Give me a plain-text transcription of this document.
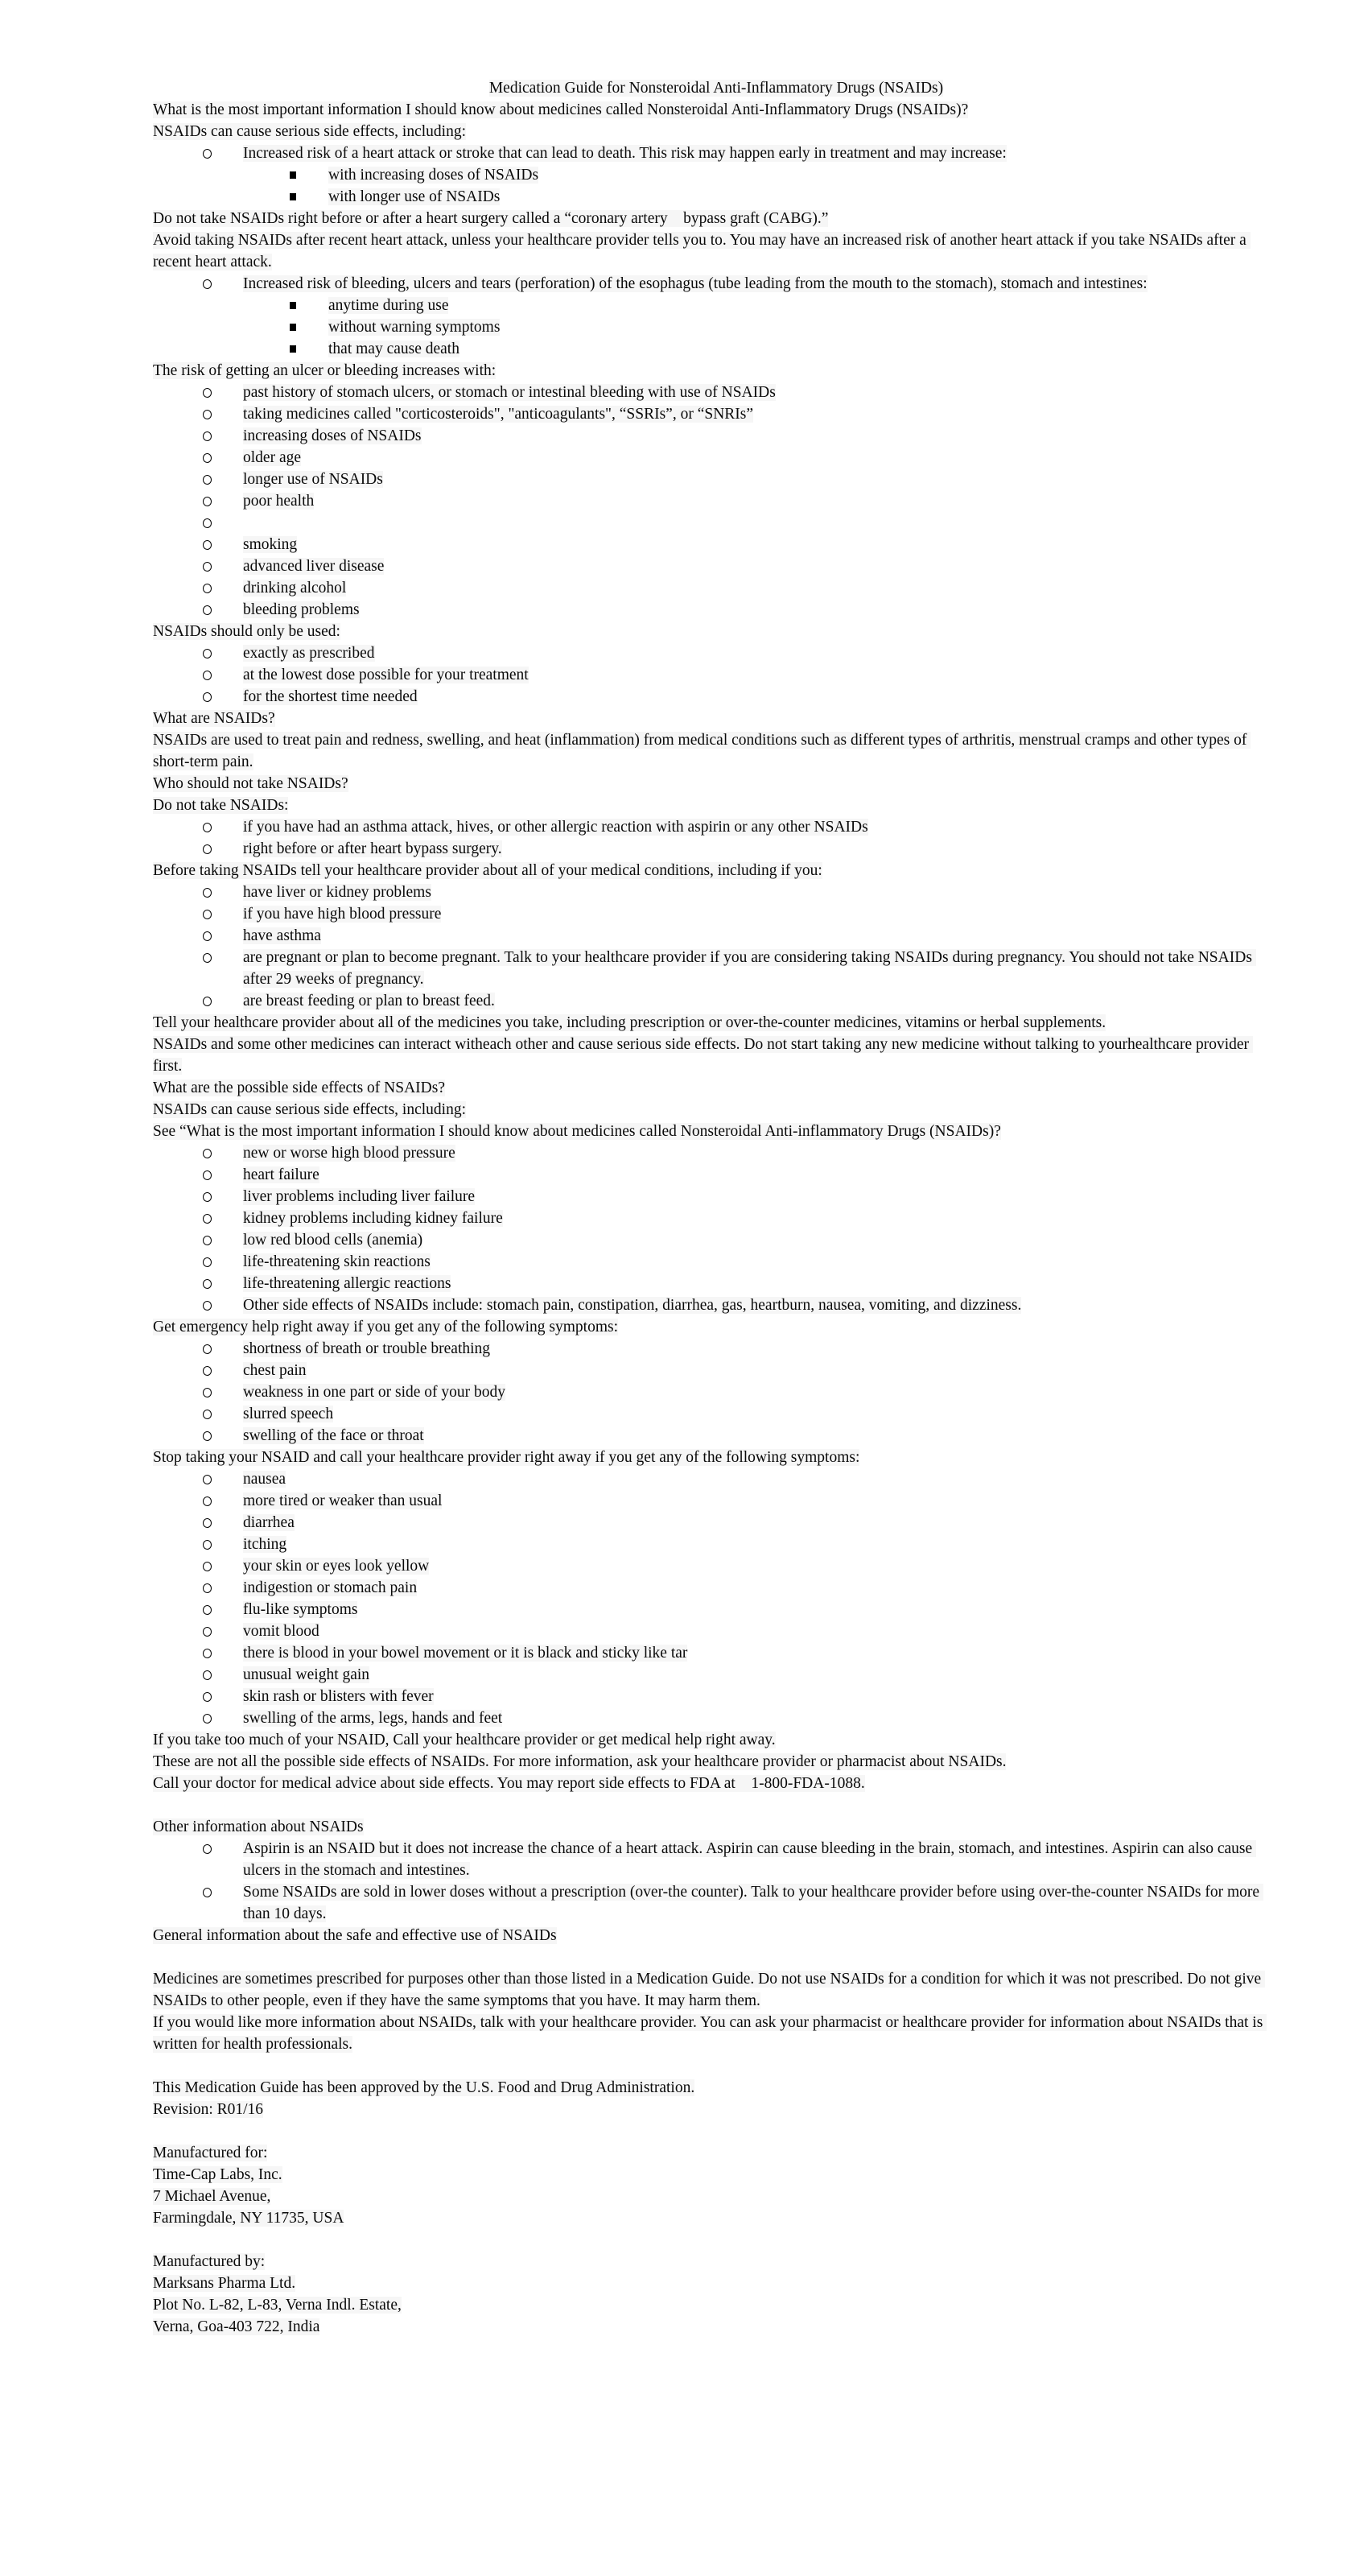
Medication Guide for Nonsteroidal Anti-Inflammatory Drugs (NSAIDs)
What is the most important information I should know about medicines called Nonsteroidal Anti-Inflammatory Drugs (NSAIDs)?
NSAIDs can cause serious side effects, including:
Increased risk of a heart attack or stroke that can lead to death. This risk may happen early in treatment and may increase:
with increasing doses of NSAIDs
with longer use of NSAIDs
Do not take NSAIDs right before or after a heart surgery called a “coronary artery    bypass graft (CABG).”
Avoid taking NSAIDs after recent heart attack, unless your healthcare provider tells you to. You may have an increased risk of another heart attack if you take NSAIDs after a recent heart attack.
Increased risk of bleeding, ulcers and tears (perforation) of the esophagus (tube leading from the mouth to the stomach), stomach and intestines:
anytime during use
without warning symptoms
that may cause death
The risk of getting an ulcer or bleeding increases with:
past history of stomach ulcers, or stomach or intestinal bleeding with use of NSAIDs
taking medicines called "corticosteroids", "anticoagulants", “SSRIs”, or “SNRIs”
increasing doses of NSAIDs
older age
longer use of NSAIDs
poor health
smoking
advanced liver disease
drinking alcohol
bleeding problems
NSAIDs should only be used:
exactly as prescribed
at the lowest dose possible for your treatment
for the shortest time needed
What are NSAIDs?
NSAIDs are used to treat pain and redness, swelling, and heat (inflammation) from medical conditions such as different types of arthritis, menstrual cramps and other types of short-term pain.
Who should not take NSAIDs?
Do not take NSAIDs:
if you have had an asthma attack, hives, or other allergic reaction with aspirin or any other NSAIDs
right before or after heart bypass surgery.
Before taking NSAIDs tell your healthcare provider about all of your medical conditions, including if you:
have liver or kidney problems
if you have high blood pressure
have asthma
are pregnant or plan to become pregnant. Talk to your healthcare provider if you are considering taking NSAIDs during pregnancy. You should not take NSAIDs after 29 weeks of pregnancy.
are breast feeding or plan to breast feed.
Tell your healthcare provider about all of the medicines you take, including prescription or over-the-counter medicines, vitamins or herbal supplements.
NSAIDs and some other medicines can interact witheach other and cause serious side effects. Do not start taking any new medicine without talking to yourhealthcare provider first.
What are the possible side effects of NSAIDs?
NSAIDs can cause serious side effects, including:
See “What is the most important information I should know about medicines called Nonsteroidal Anti-inflammatory Drugs (NSAIDs)?
new or worse high blood pressure
heart failure
liver problems including liver failure
kidney problems including kidney failure
low red blood cells (anemia)
life-threatening skin reactions
life-threatening allergic reactions
Other side effects of NSAIDs include: stomach pain, constipation, diarrhea, gas, heartburn, nausea, vomiting, and dizziness.
Get emergency help right away if you get any of the following symptoms:
shortness of breath or trouble breathing
chest pain
weakness in one part or side of your body
slurred speech
swelling of the face or throat
Stop taking your NSAID and call your healthcare provider right away if you get any of the following symptoms:
nausea
more tired or weaker than usual
diarrhea
itching
your skin or eyes look yellow
indigestion or stomach pain
flu-like symptoms
vomit blood
there is blood in your bowel movement or it is black and sticky like tar
unusual weight gain
skin rash or blisters with fever
swelling of the arms, legs, hands and feet
If you take too much of your NSAID, Call your healthcare provider or get medical help right away.
These are not all the possible side effects of NSAIDs. For more information, ask your healthcare provider or pharmacist about NSAIDs.
Call your doctor for medical advice about side effects. You may report side effects to FDA at    1-800-FDA-1088.
Other information about NSAIDs
Aspirin is an NSAID but it does not increase the chance of a heart attack. Aspirin can cause bleeding in the brain, stomach, and intestines. Aspirin can also cause ulcers in the stomach and intestines.
Some NSAIDs are sold in lower doses without a prescription (over-the counter). Talk to your healthcare provider before using over-the-counter NSAIDs for more than 10 days.
General information about the safe and effective use of NSAIDs
Medicines are sometimes prescribed for purposes other than those listed in a Medication Guide. Do not use NSAIDs for a condition for which it was not prescribed. Do not give NSAIDs to other people, even if they have the same symptoms that you have. It may harm them.
If you would like more information about NSAIDs, talk with your healthcare provider. You can ask your pharmacist or healthcare provider for information about NSAIDs that is written for health professionals.
This Medication Guide has been approved by the U.S. Food and Drug Administration.
Revision: R01/16
Manufactured for:
Time-Cap Labs, Inc.
7 Michael Avenue,
Farmingdale, NY 11735, USA
Manufactured by:
Marksans Pharma Ltd.
Plot No. L-82, L-83, Verna Indl. Estate,
Verna, Goa-403 722, India
